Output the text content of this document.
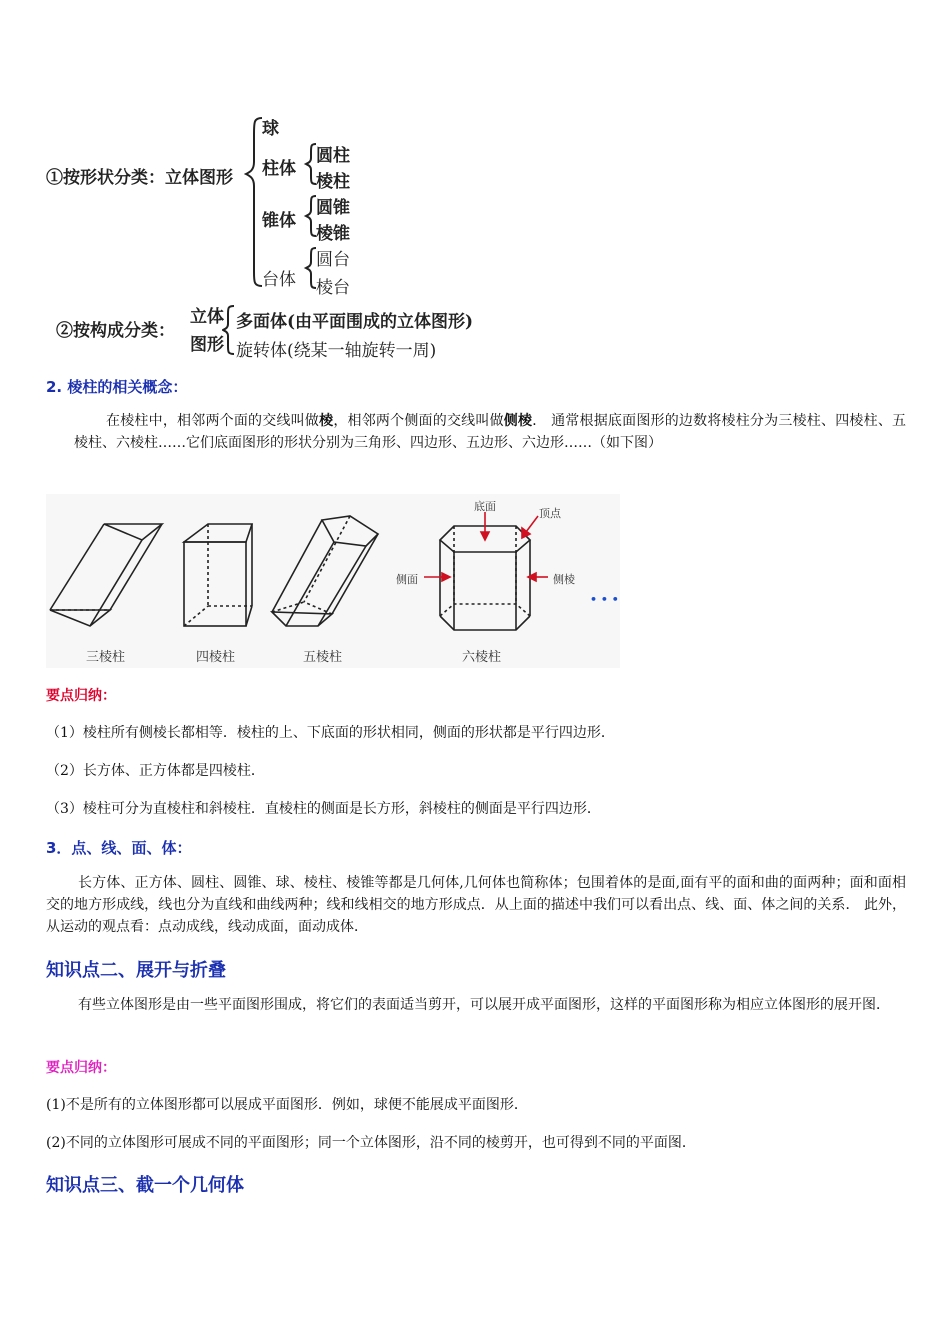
①按形状分类：立体图形
球
柱体
圆柱
棱柱
锥体
圆锥
棱锥
台体
圆台
棱台
②按构成分类：
立体
图形
多面体(由平面围成的立体图形)
旋转体(绕某一轴旋转一周)
2. 棱柱的相关概念：
在棱柱中，相邻两个面的交线叫做棱，相邻两个侧面的交线叫做侧棱． 通常根据底面图形的边数将棱柱分为三棱柱、四棱柱、五棱柱、六棱柱……它们底面图形的形状分别为三角形、四边形、五边形、六边形……（如下图）
底面
顶点
侧面	侧棱
• • •
三棱柱	四棱柱	五棱柱	六棱柱
要点归纳：
（1）棱柱所有侧棱长都相等．棱柱的上、下底面的形状相同，侧面的形状都是平行四边形．
（2）长方体、正方体都是四棱柱．
（3）棱柱可分为直棱柱和斜棱柱．直棱柱的侧面是长方形，斜棱柱的侧面是平行四边形．
3．点、线、面、体：
长方体、正方体、圆柱、圆锥、球、棱柱、棱锥等都是几何体,几何体也简称体；包围着体的是面,面有平的面和曲的面两种；面和面相交的地方形成线，线也分为直线和曲线两种；线和线相交的地方形成点．从上面的描述中我们可以看出点、线、面、体之间的关系． 此外，从运动的观点看：点动成线，线动成面，面动成体．
知识点二、展开与折叠
有些立体图形是由一些平面图形围成，将它们的表面适当剪开，可以展开成平面图形，这样的平面图形称为相应立体图形的展开图．
要点归纳：
(1)不是所有的立体图形都可以展成平面图形．例如，球便不能展成平面图形．
(2)不同的立体图形可展成不同的平面图形；同一个立体图形，沿不同的棱剪开，也可得到不同的平面图．
知识点三、截一个几何体
